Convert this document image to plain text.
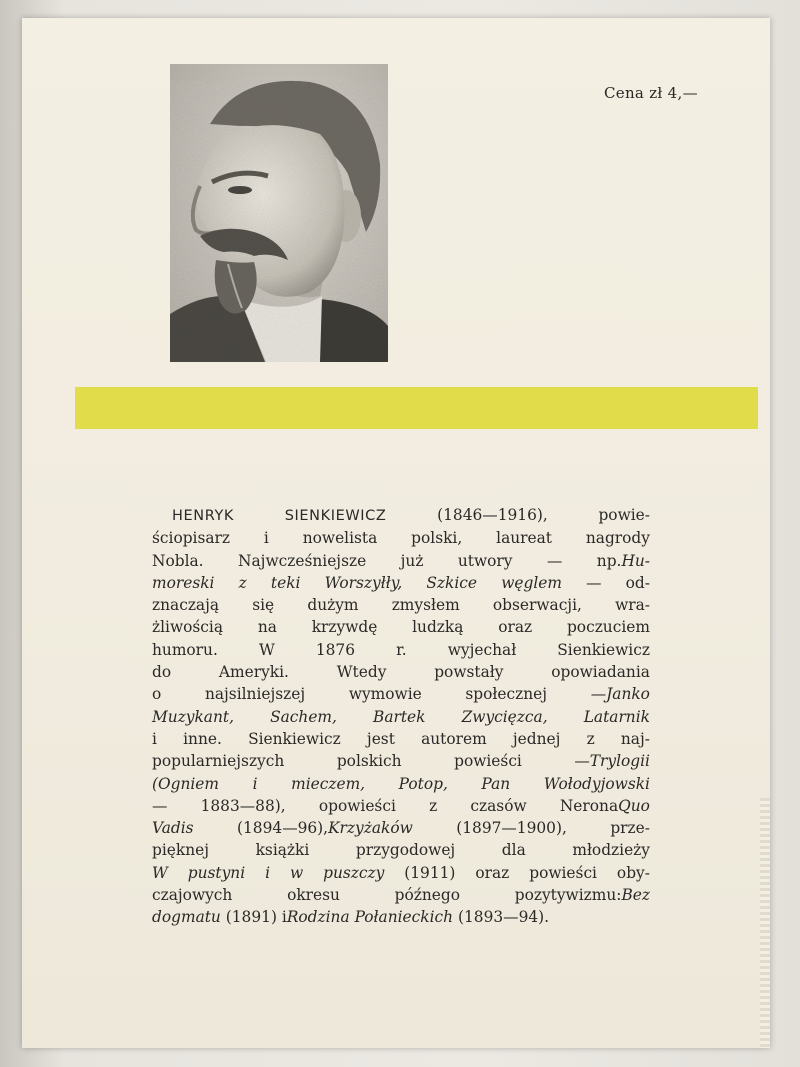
Cena zł 4,—
HENRYK	SIENKIEWICZ	(1846—1916),	powie-
ściopisarz i nowelista polski, laureat nagrody
Nobla. Najwcześniejsze już utwory — np.Hu-
moreski z teki Worszyłły, Szkice węglem — od-
znaczają się dużym zmysłem obserwacji, wra-
żliwością na krzywdę ludzką oraz poczuciem
humoru.	W	1876	r.	wyjechał	Sienkiewicz
do	Ameryki.	Wtedy	powstały	opowiadania
o	najsilniejszej	wymowie	społecznej	—Janko
Muzykant, Sachem, Bartek Zwycięzca, Latarnik
i inne. Sienkiewicz jest autorem jednej z naj-
popularniejszych	polskich	powieści	—Trylogii
(Ogniem i mieczem, Potop, Pan Wołodyjowski
— 1883—88), opowieści z czasów NeronaQuo
Vadis	(1894—96),Krzyżaków	(1897—1900),	prze-
pięknej	książki	przygodowej	dla	młodzieży
W pustyni i w puszczy (1911) oraz powieści oby-
czajowych	okresu	późnego	pozytywizmu:Bez
dogmatu (1891) iRodzina Połanieckich (1893—94).
